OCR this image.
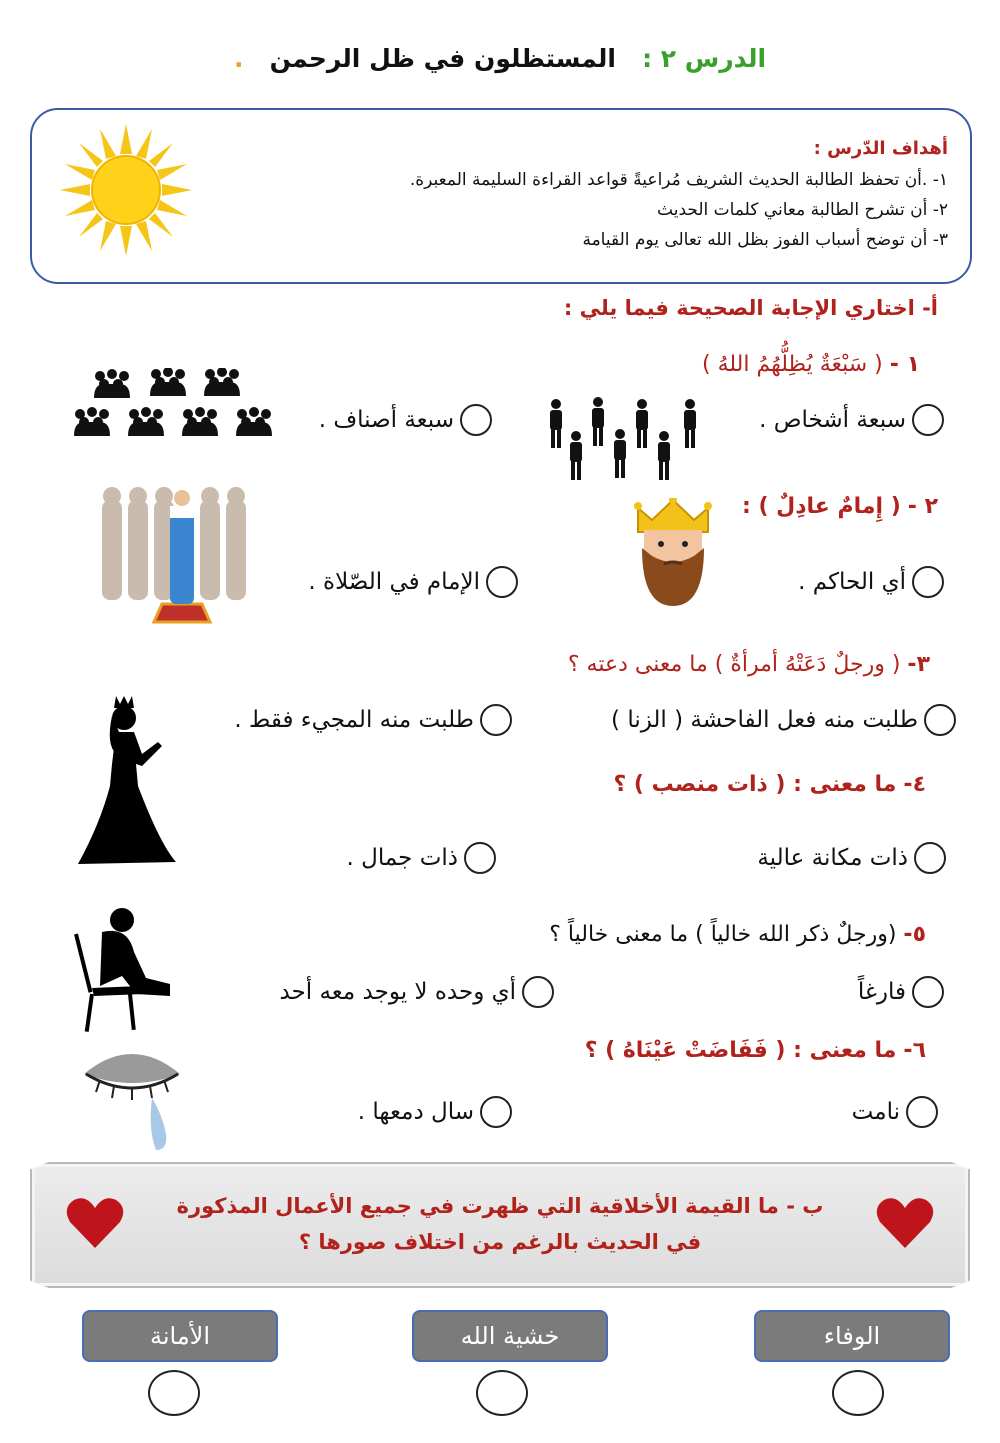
الدرس ٢ :   المستظلون في ظل الرحمن   .
أهداف الدّرس :
١- .أن تحفظ الطالبة الحديث الشريف مُراعيةً قواعد القراءة السليمة المعبرة.
٢- أن تشرح الطالبة معاني كلمات الحديث
٣- أن توضح أسباب الفوز بظل الله تعالى يوم القيامة
أ- اختاري الإجابة الصحيحة فيما يلي :
١ - ( سَبْعَةٌ يُظِلُّهُمُ اللهُ )
سبعة أشخاص .
سبعة أصناف .
٢ - ( إِمامٌ عادِلٌ ) :
أي الحاكم .
الإمام في الصّلاة .
٣- ( ورجلٌ دَعَتْهُ أمرأةٌ ) ما معنى دعته ؟
طلبت منه فعل الفاحشة ( الزنا )
طلبت منه المجيء فقط .
٤- ما معنى : ( ذات منصب ) ؟
ذات مكانة عالية
ذات جمال .
٥- (ورجلٌ ذكر الله خالياً ) ما معنى خالياً ؟
فارغاً
أي وحده لا يوجد معه أحد
٦- ما معنى : ( فَفَاضَتْ عَيْنَاهُ ) ؟
نامت
سال دمعها .
ب - ما القيمة الأخلاقية التي ظهرت في جميع الأعمال المذكورة
في الحديث بالرغم من اختلاف صورها ؟
الوفاء
خشية الله
الأمانة
